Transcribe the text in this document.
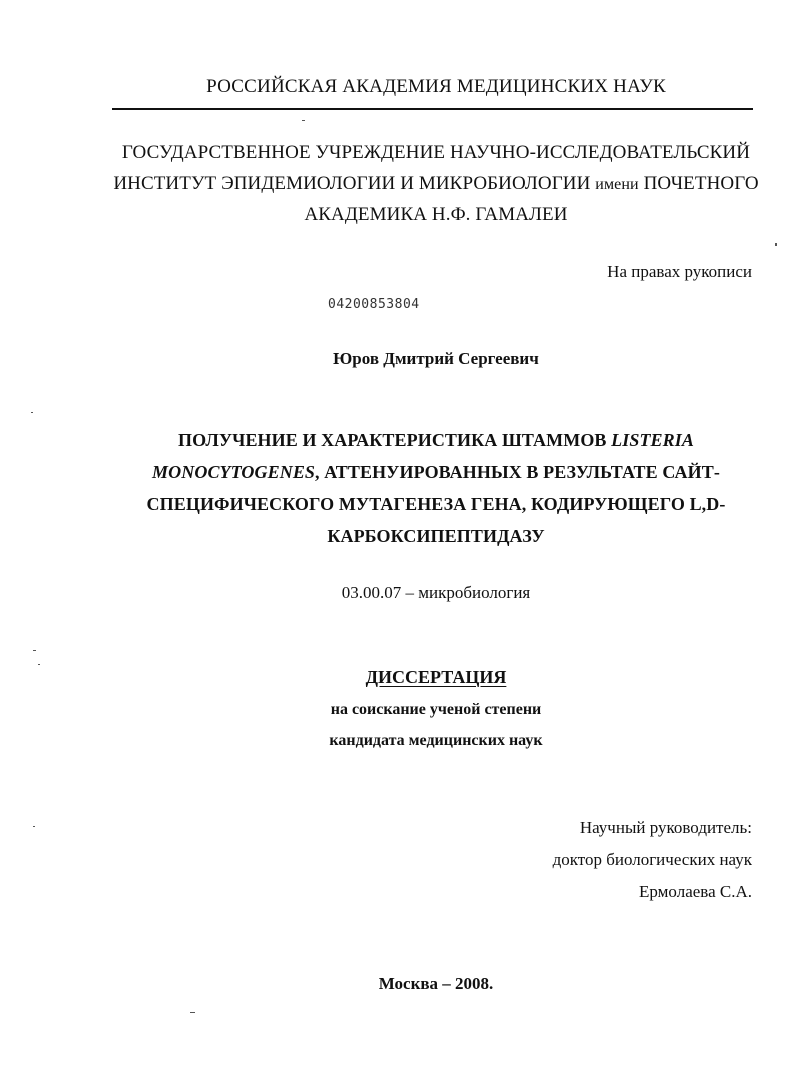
РОССИЙСКАЯ АКАДЕМИЯ МЕДИЦИНСКИХ НАУК
ГОСУДАРСТВЕННОЕ УЧРЕЖДЕНИЕ НАУЧНО-ИССЛЕДОВАТЕЛЬСКИЙ
ИНСТИТУТ ЭПИДЕМИОЛОГИИ И МИКРОБИОЛОГИИ имени ПОЧЕТНОГО
АКАДЕМИКА Н.Ф. ГАМАЛЕИ
На правах рукописи
04200853804
Юров Дмитрий Сергеевич
ПОЛУЧЕНИЕ И ХАРАКТЕРИСТИКА ШТАММОВ LISTERIA
MONOCYTOGENES, АТТЕНУИРОВАННЫХ В РЕЗУЛЬТАТЕ САЙТ-
СПЕЦИФИЧЕСКОГО МУТАГЕНЕЗА ГЕНА, КОДИРУЮЩЕГО L,D-
КАРБОКСИПЕПТИДАЗУ
03.00.07 – микробиология
ДИССЕРТАЦИЯ
на соискание ученой степени
кандидата медицинских наук
Научный руководитель:
доктор биологических наук
Ермолаева С.А.
Москва – 2008.
